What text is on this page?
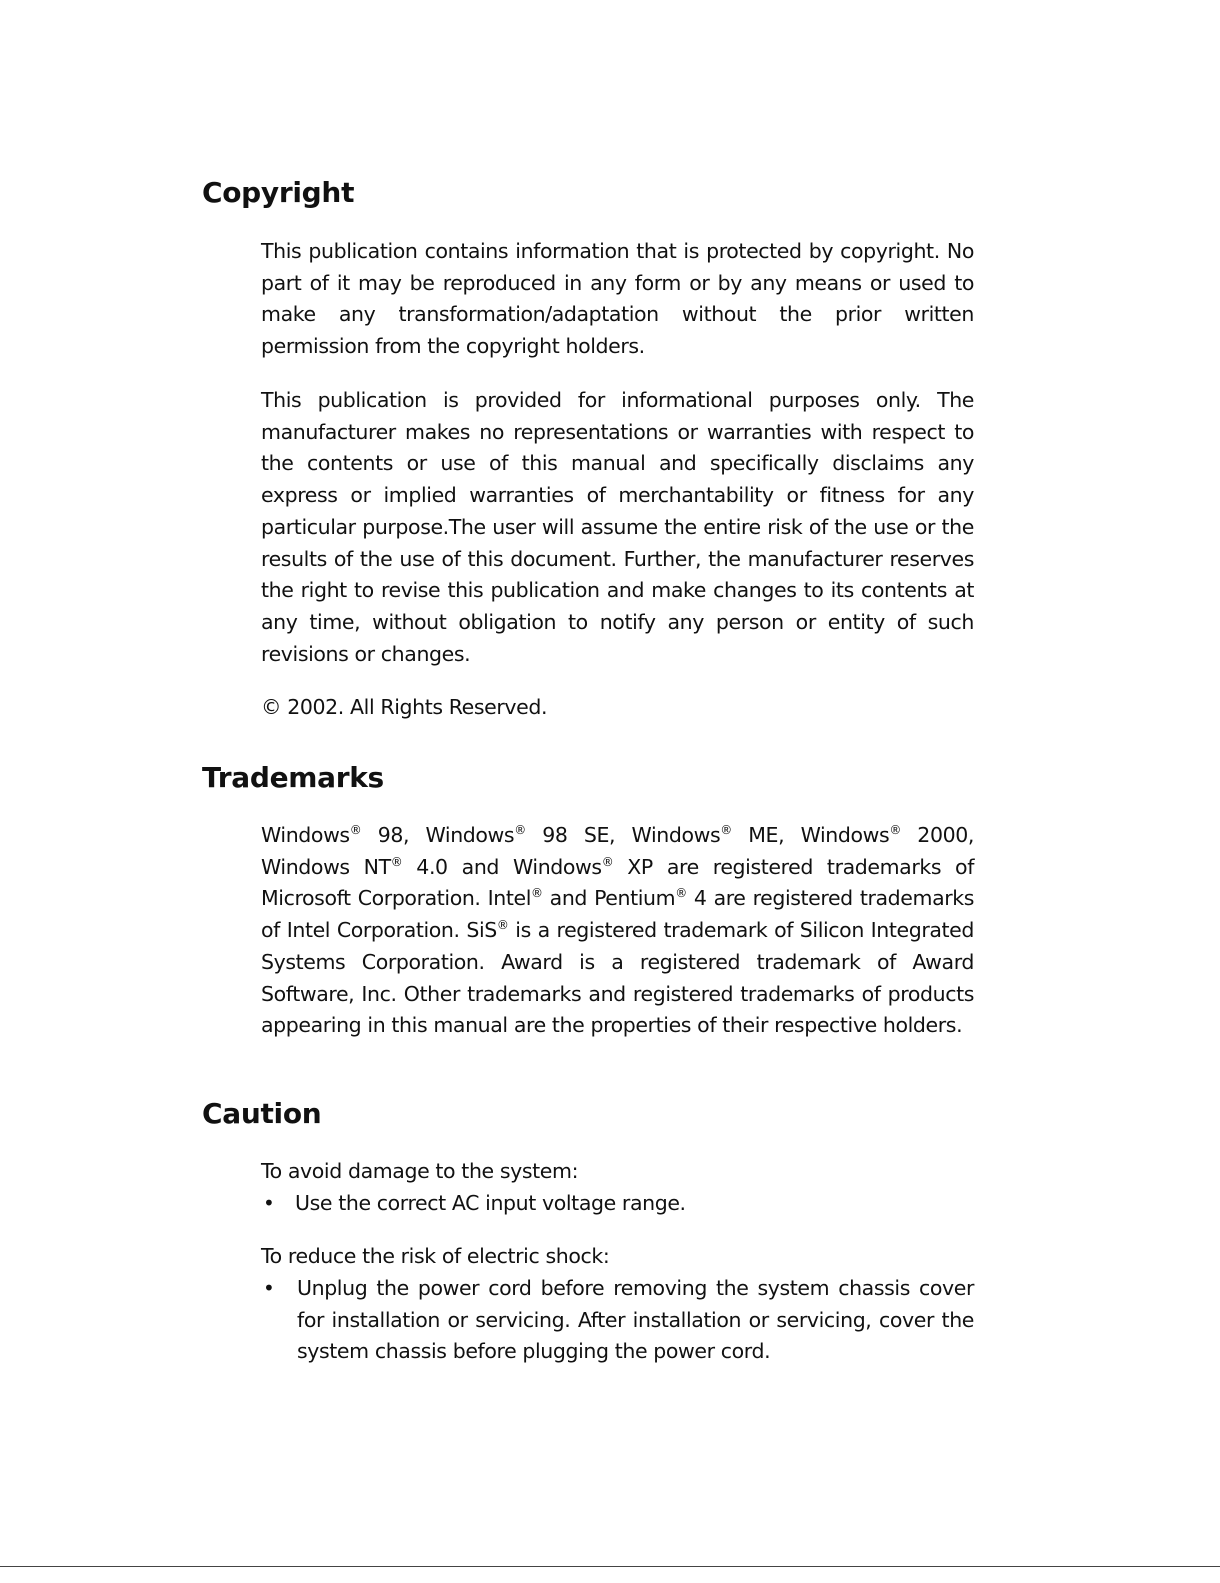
Copyright

This publication contains information that is protected by copyright. No part of it may be reproduced in any form or by any means or used to make any transformation/adaptation without the prior written permission from the copyright holders.

This publication is provided for informational purposes only. The manufacturer makes no representations or warranties with respect to the contents or use of this manual and specifically disclaims any express or implied warranties of merchantability or fitness for any particular purpose.The user will assume the entire risk of the use or the results of the use of this document. Further, the manufacturer reserves the right to revise this publication and make changes to its contents at any time, without obligation to notify any person or entity of such revisions or changes.

© 2002. All Rights Reserved.

Trademarks

Windows® 98, Windows® 98 SE, Windows® ME, Windows® 2000, Windows NT® 4.0 and Windows® XP are registered trademarks of Microsoft Corporation. Intel® and Pentium® 4 are registered trademarks of Intel Corporation. SiS® is a registered trademark of Silicon Integrated Systems Corporation. Award is a registered trademark of Award Software, Inc. Other trademarks and registered trademarks of products appearing in this manual are the properties of their respective holders.

Caution

To avoid damage to the system:

• Use the correct AC input voltage range.

To reduce the risk of electric shock:

• Unplug the power cord before removing the system chassis cover for installation or servicing. After installation or servicing, cover the system chassis before plugging the power cord.
